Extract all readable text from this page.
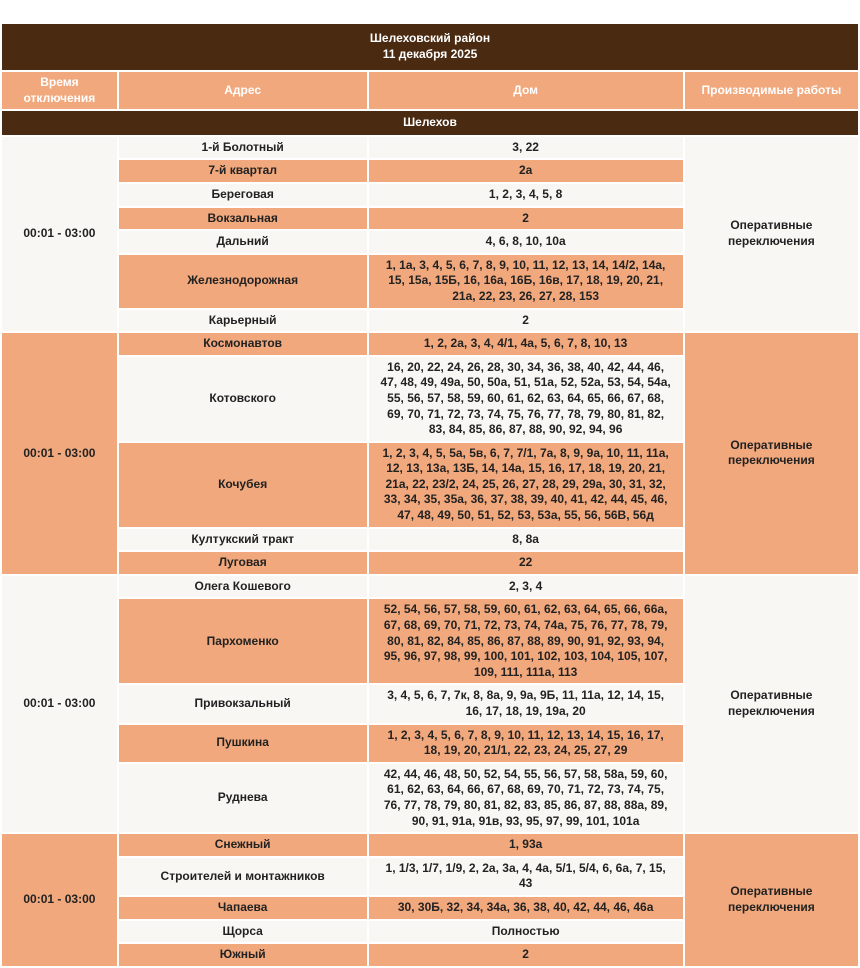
Шелеховский район
11 декабря 2025			

Время отключения	Адрес	Дом	Производимые работы
Шелехов			
00:01 - 03:00	1-й Болотный	3, 22	Оперативные переключения
	7-й квартал	2а	
	Береговая	1, 2, 3, 4, 5, 8	
	Вокзальная	2	
	Дальний	4, 6, 8, 10, 10а	
	Железнодорожная	1, 1а, 3, 4, 5, 6, 7, 8, 9, 10, 11, 12, 13, 14, 14/2, 14а, 15, 15а, 15Б, 16, 16а, 16Б, 16в, 17, 18, 19, 20, 21, 21а, 22, 23, 26, 27, 28, 153	
	Карьерный	2	
00:01 - 03:00	Космонавтов	1, 2, 2а, 3, 4, 4/1, 4а, 5, 6, 7, 8, 10, 13	Оперативные переключения
	Котовского	16, 20, 22, 24, 26, 28, 30, 34, 36, 38, 40, 42, 44, 46, 47, 48, 49, 49а, 50, 50а, 51, 51а, 52, 52а, 53, 54, 54а, 55, 56, 57, 58, 59, 60, 61, 62, 63, 64, 65, 66, 67, 68, 69, 70, 71, 72, 73, 74, 75, 76, 77, 78, 79, 80, 81, 82, 83, 84, 85, 86, 87, 88, 90, 92, 94, 96	
	Кочубея	1, 2, 3, 4, 5, 5а, 5в, 6, 7, 7/1, 7а, 8, 9, 9а, 10, 11, 11а, 12, 13, 13а, 13Б, 14, 14а, 15, 16, 17, 18, 19, 20, 21, 21а, 22, 23/2, 24, 25, 26, 27, 28, 29, 29а, 30, 31, 32, 33, 34, 35, 35а, 36, 37, 38, 39, 40, 41, 42, 44, 45, 46, 47, 48, 49, 50, 51, 52, 53, 53а, 55, 56, 56В, 56д	
	Култукский тракт	8, 8а	
	Луговая	22	
00:01 - 03:00	Олега Кошевого	2, 3, 4	Оперативные переключения
	Пархоменко	52, 54, 56, 57, 58, 59, 60, 61, 62, 63, 64, 65, 66, 66а, 67, 68, 69, 70, 71, 72, 73, 74, 74а, 75, 76, 77, 78, 79, 80, 81, 82, 84, 85, 86, 87, 88, 89, 90, 91, 92, 93, 94, 95, 96, 97, 98, 99, 100, 101, 102, 103, 104, 105, 107, 109, 111, 111а, 113	
	Привокзальный	3, 4, 5, 6, 7, 7к, 8, 8а, 9, 9а, 9Б, 11, 11а, 12, 14, 15, 16, 17, 18, 19, 19а, 20	
	Пушкина	1, 2, 3, 4, 5, 6, 7, 8, 9, 10, 11, 12, 13, 14, 15, 16, 17, 18, 19, 20, 21/1, 22, 23, 24, 25, 27, 29	
	Руднева	42, 44, 46, 48, 50, 52, 54, 55, 56, 57, 58, 58а, 59, 60, 61, 62, 63, 64, 66, 67, 68, 69, 70, 71, 72, 73, 74, 75, 76, 77, 78, 79, 80, 81, 82, 83, 85, 86, 87, 88, 88а, 89, 90, 91, 91а, 91в, 93, 95, 97, 99, 101, 101а	
00:01 - 03:00	Снежный	1, 93а	Оперативные переключения
	Строителей и монтажников	1, 1/3, 1/7, 1/9, 2, 2а, 3а, 4, 4а, 5/1, 5/4, 6, 6а, 7, 15, 43	
	Чапаева	30, 30Б, 32, 34, 34а, 36, 38, 40, 42, 44, 46, 46а	
	Щорса	Полностью	
	Южный	2	
